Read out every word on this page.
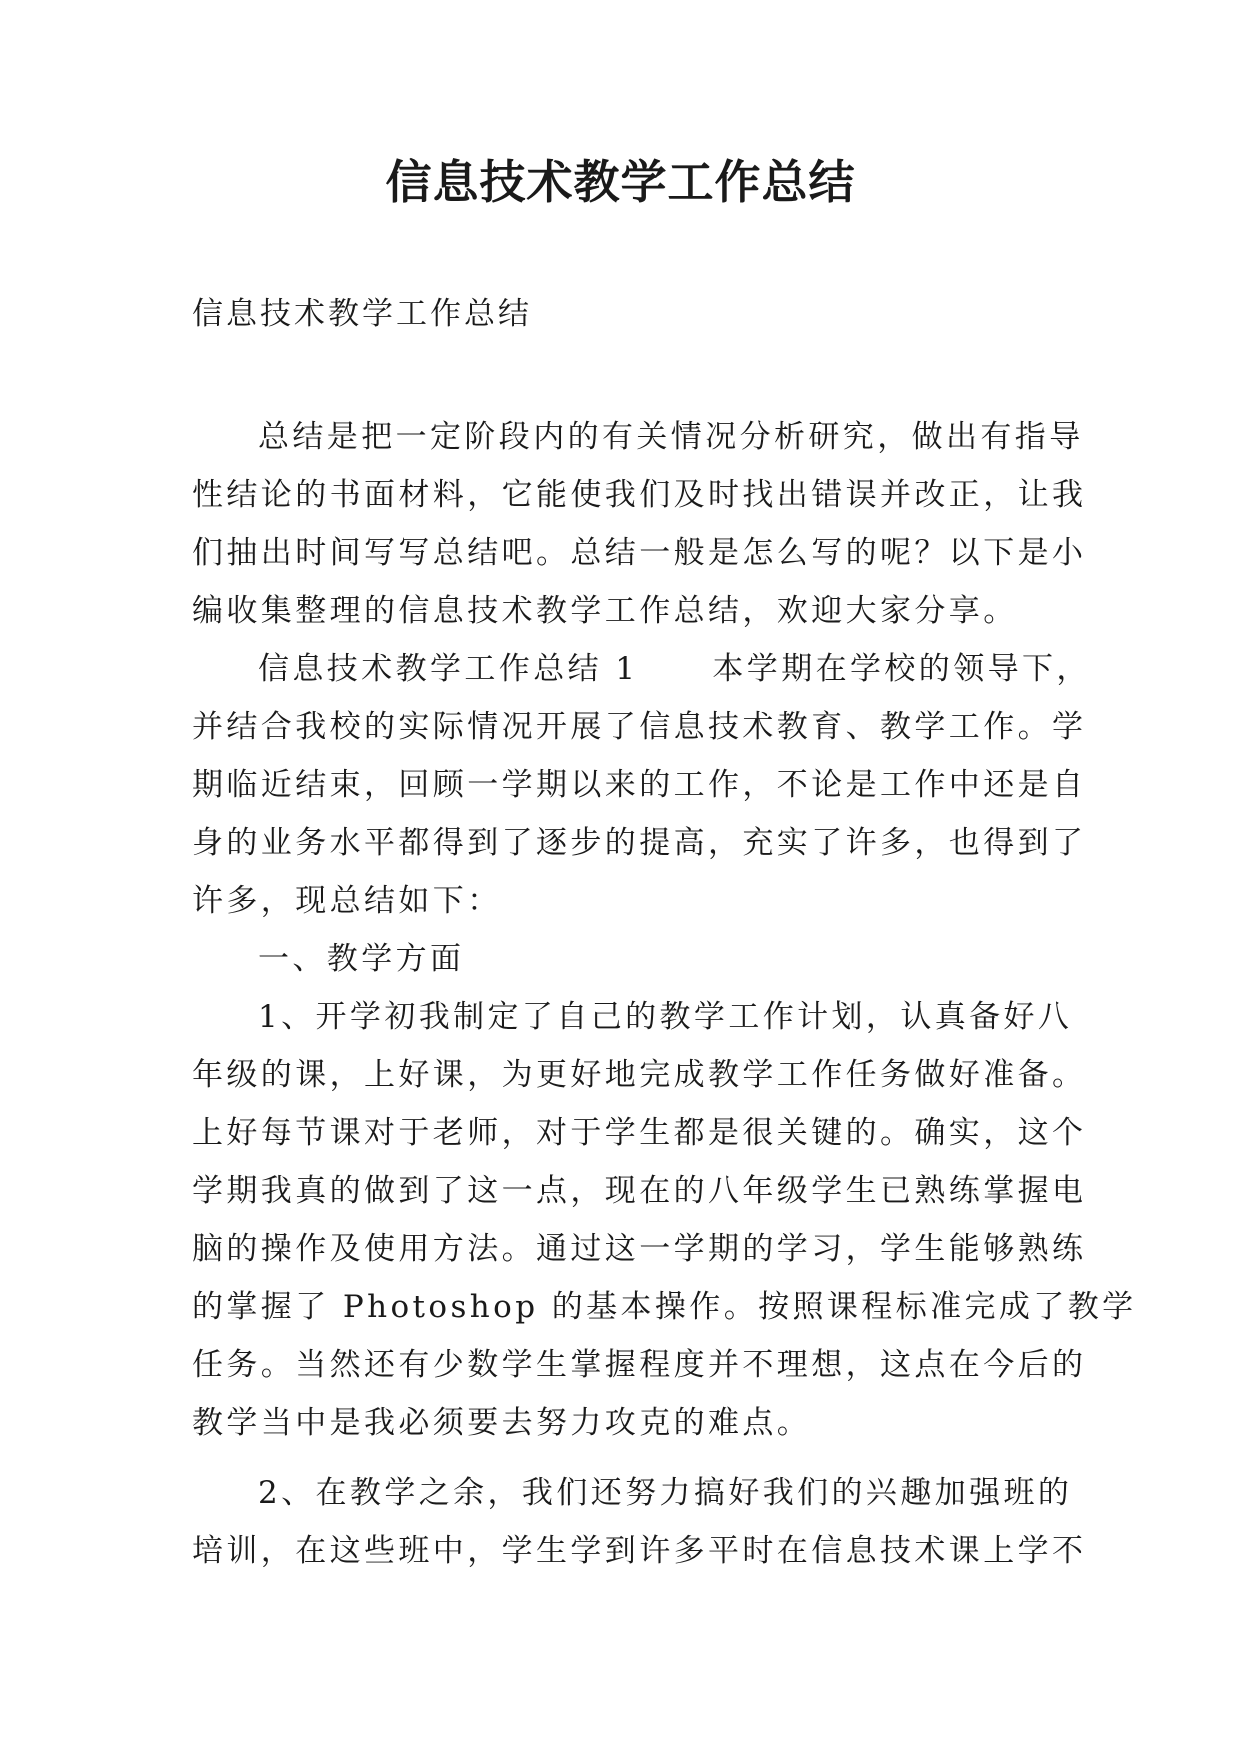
信息技术教学工作总结
信息技术教学工作总结
总结是把一定阶段内的有关情况分析研究，做出有指导
性结论的书面材料，它能使我们及时找出错误并改正，让我
们抽出时间写写总结吧。总结一般是怎么写的呢？以下是小
编收集整理的信息技术教学工作总结，欢迎大家分享。
信息技术教学工作总结 1 本学期在学校的领导下，
并结合我校的实际情况开展了信息技术教育、教学工作。学
期临近结束，回顾一学期以来的工作，不论是工作中还是自
身的业务水平都得到了逐步的提高，充实了许多，也得到了
许多，现总结如下：
一、教学方面
1、开学初我制定了自己的教学工作计划，认真备好八
年级的课，上好课，为更好地完成教学工作任务做好准备。
上好每节课对于老师，对于学生都是很关键的。确实，这个
学期我真的做到了这一点，现在的八年级学生已熟练掌握电
脑的操作及使用方法。通过这一学期的学习，学生能够熟练
的掌握了 Photoshop 的基本操作。按照课程标准完成了教学
任务。当然还有少数学生掌握程度并不理想，这点在今后的
教学当中是我必须要去努力攻克的难点。
2、在教学之余，我们还努力搞好我们的兴趣加强班的
培训，在这些班中，学生学到许多平时在信息技术课上学不
